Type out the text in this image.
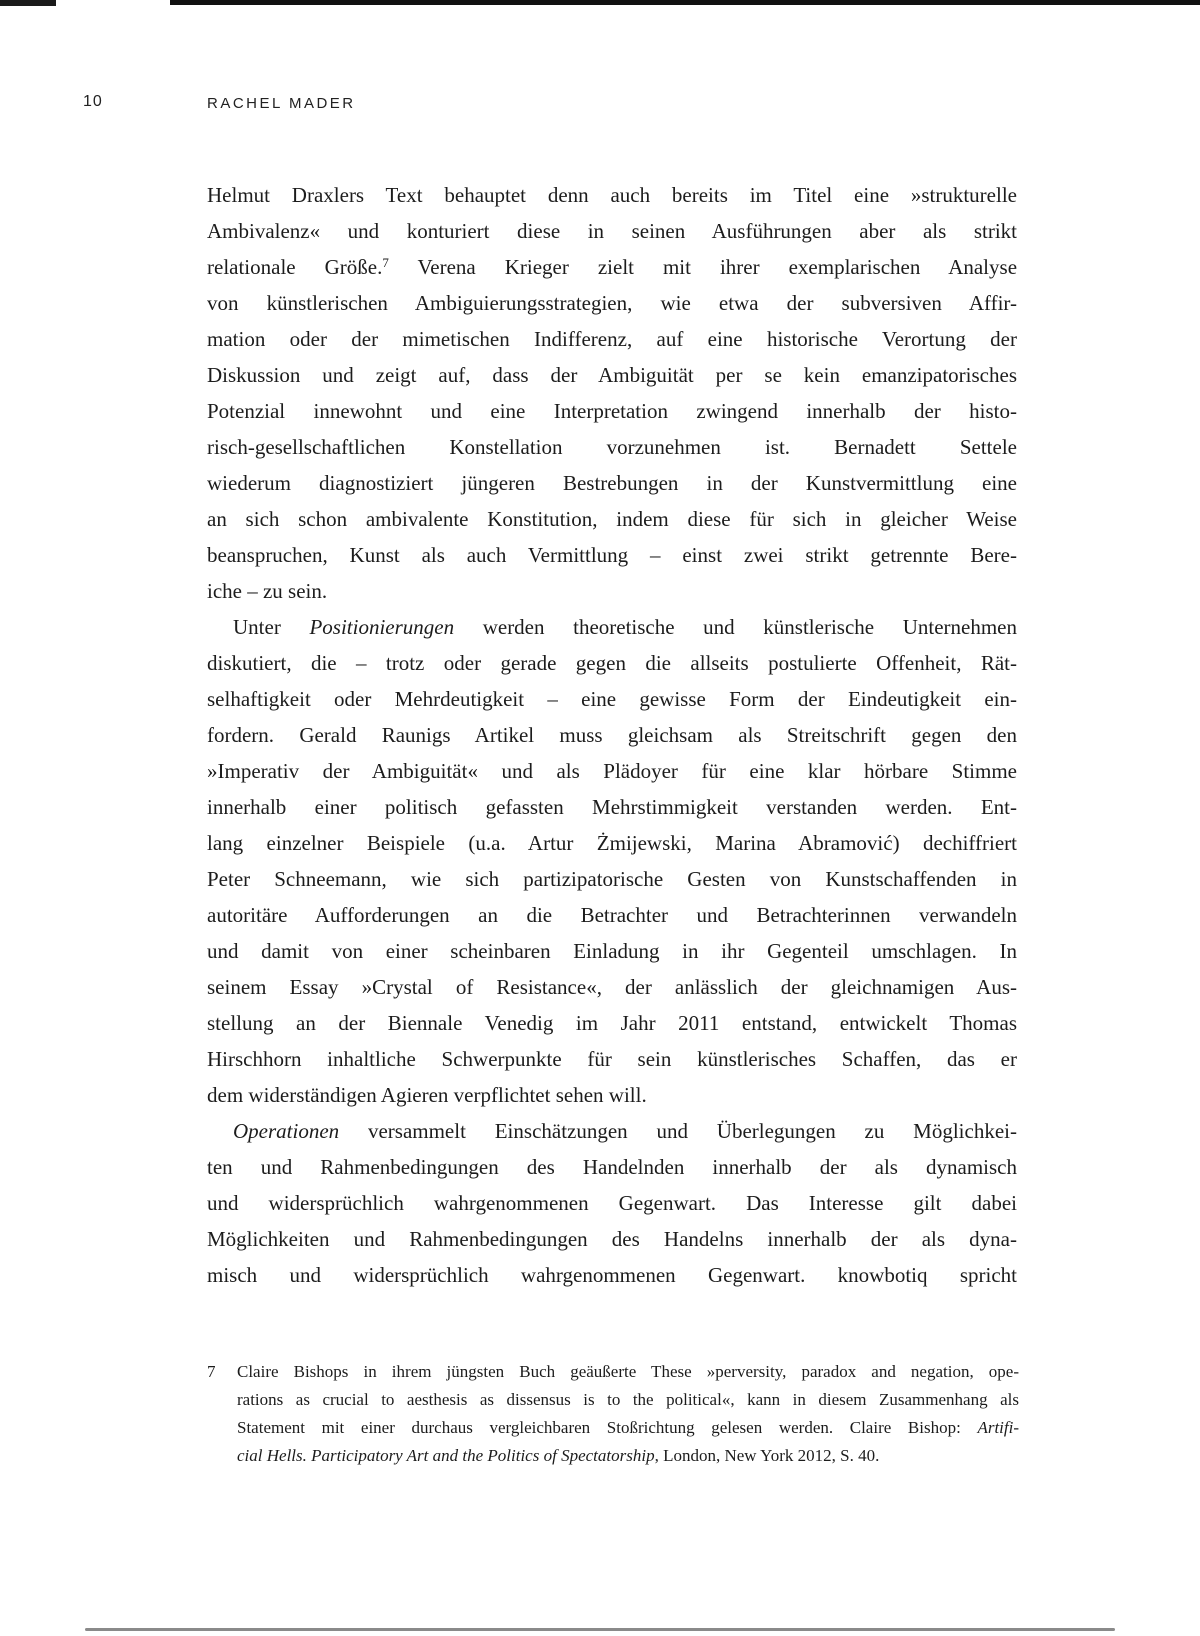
10	RACHEL MADER
Helmut Draxlers Text behauptet denn auch bereits im Titel eine »strukturelle
Ambivalenz« und konturiert diese in seinen Ausführungen aber als strikt
relationale Größe.$^7$ Verena Krieger zielt mit ihrer exemplarischen Analyse
von künstlerischen Ambiguierungsstrategien, wie etwa der subversiven Affir-
mation oder der mimetischen Indifferenz, auf eine historische Verortung der
Diskussion und zeigt auf, dass der Ambiguität per se kein emanzipatorisches
Potenzial innewohnt und eine Interpretation zwingend innerhalb der histo-
risch-gesellschaftlichen Konstellation vorzunehmen ist. Bernadett Settele
wiederum diagnostiziert jüngeren Bestrebungen in der Kunstvermittlung eine
an sich schon ambivalente Konstitution, indem diese für sich in gleicher Weise
beanspruchen, Kunst als auch Vermittlung – einst zwei strikt getrennte Bere-
iche – zu sein.
Unter Positionierungen werden theoretische und künstlerische Unternehmen
diskutiert, die – trotz oder gerade gegen die allseits postulierte Offenheit, Rät-
selhaftigkeit oder Mehrdeutigkeit – eine gewisse Form der Eindeutigkeit ein-
fordern. Gerald Raunigs Artikel muss gleichsam als Streitschrift gegen den
»Imperativ der Ambiguität« und als Plädoyer für eine klar hörbare Stimme
innerhalb einer politisch gefassten Mehrstimmigkeit verstanden werden. Ent-
lang einzelner Beispiele (u.a. Artur Żmijewski, Marina Abramović) dechiffriert
Peter Schneemann, wie sich partizipatorische Gesten von Kunstschaffenden in
autoritäre Aufforderungen an die Betrachter und Betrachterinnen verwandeln
und damit von einer scheinbaren Einladung in ihr Gegenteil umschlagen. In
seinem Essay »Crystal of Resistance«, der anlässlich der gleichnamigen Aus-
stellung an der Biennale Venedig im Jahr 2011 entstand, entwickelt Thomas
Hirschhorn inhaltliche Schwerpunkte für sein künstlerisches Schaffen, das er
dem widerständigen Agieren verpflichtet sehen will.
Operationen versammelt Einschätzungen und Überlegungen zu Möglichkei-
ten und Rahmenbedingungen des Handelnden innerhalb der als dynamisch
und widersprüchlich wahrgenommenen Gegenwart. Das Interesse gilt dabei
Möglichkeiten und Rahmenbedingungen des Handelns innerhalb der als dyna-
misch und widersprüchlich wahrgenommenen Gegenwart. knowbotiq spricht
7	Claire Bishops in ihrem jüngsten Buch geäußerte These »perversity, paradox and negation, ope-
rations as crucial to aesthesis as dissensus is to the political«, kann in diesem Zusammenhang als
Statement mit einer durchaus vergleichbaren Stoßrichtung gelesen werden. Claire Bishop: Artifi-
cial Hells. Participatory Art and the Politics of Spectatorship, London, New York 2012, S. 40.
